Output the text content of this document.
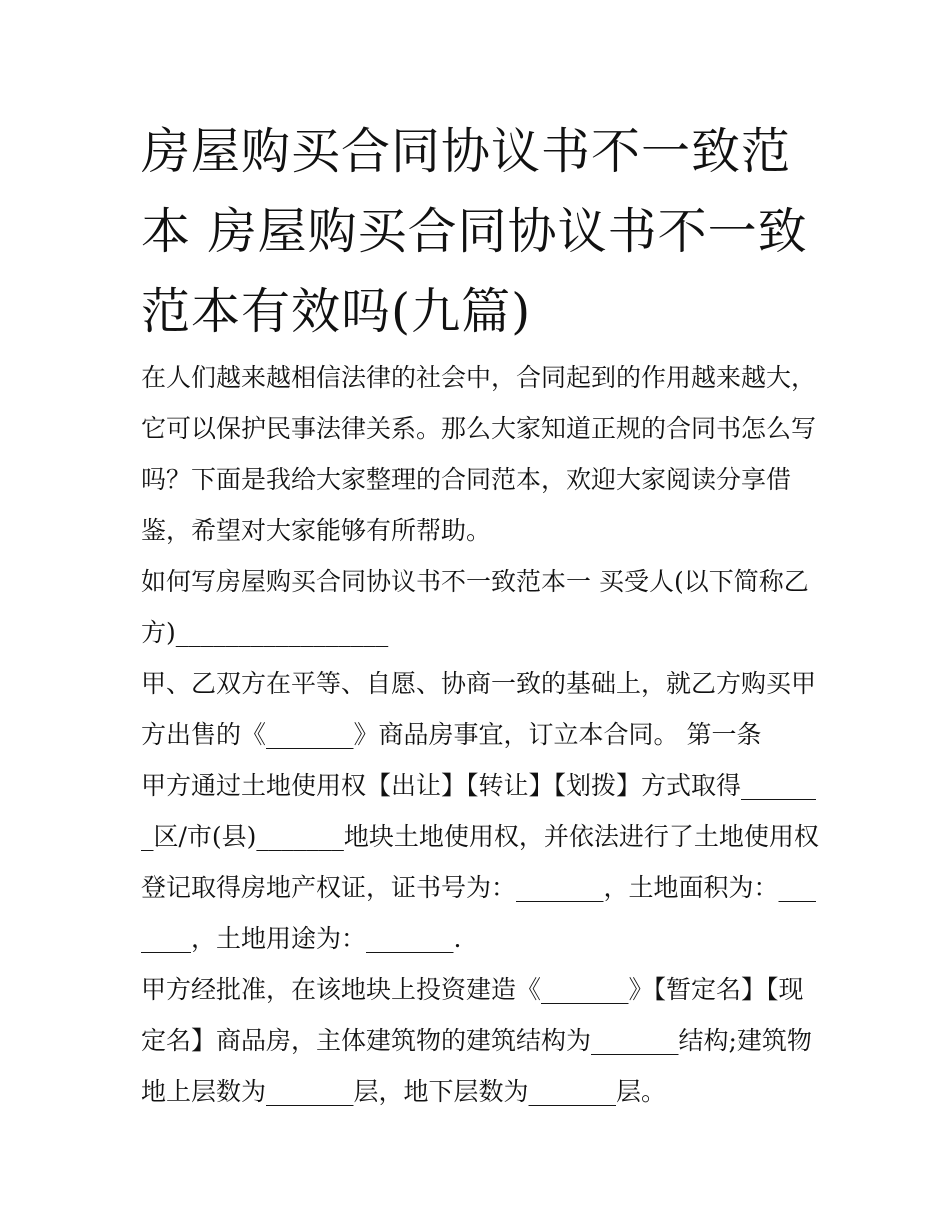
房屋购买合同协议书不一致范本 房屋购买合同协议书不一致范本有效吗(九篇)

在人们越来越相信法律的社会中，合同起到的作用越来越大，它可以保护民事法律关系。那么大家知道正规的合同书怎么写吗？下面是我给大家整理的合同范本，欢迎大家阅读分享借鉴，希望对大家能够有所帮助。

如何写房屋购买合同协议书不一致范本一 买受人(以下简称乙方)_________________

甲、乙双方在平等、自愿、协商一致的基础上，就乙方购买甲方出售的《_______》商品房事宜，订立本合同。 第一条

甲方通过土地使用权【出让】【转让】【划拨】方式取得_______区/市(县)_______地块土地使用权，并依法进行了土地使用权登记取得房地产权证，证书号为：_______，土地面积为：_______，土地用途为：_______.

甲方经批准，在该地块上投资建造《_______》【暂定名】【现定名】商品房，主体建筑物的建筑结构为_______结构;建筑物地上层数为_______层，地下层数为_______层。
